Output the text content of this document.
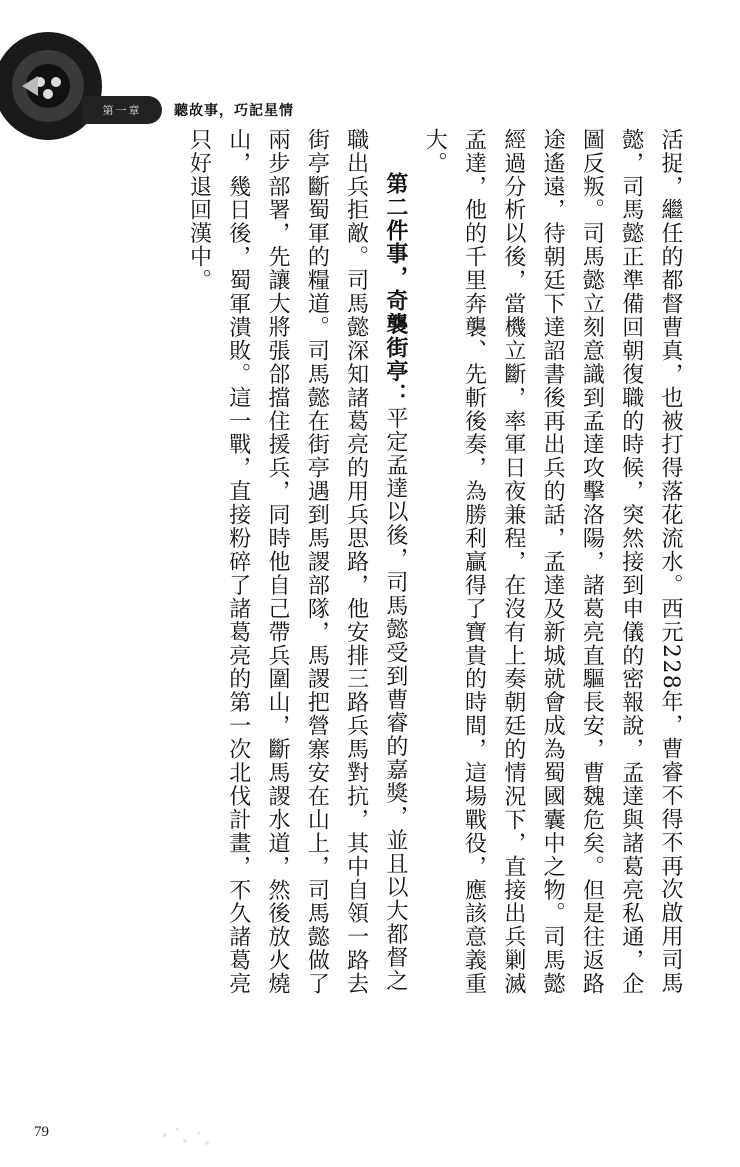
第一章 聽故事，巧記星情

活捉，繼任的都督曹真，也被打得落花流水。西元228年，曹睿不得不再次啟用司馬懿，司馬懿正準備回朝復職的時候，突然接到申儀的密報說，孟達與諸葛亮私通，企圖反叛。司馬懿立刻意識到孟達攻擊洛陽，諸葛亮直驅長安，曹魏危矣。但是往返路途遙遠，待朝廷下達詔書後再出兵的話，孟達及新城就會成為蜀國囊中之物。司馬懿經過分析以後，當機立斷，率軍日夜兼程，在沒有上奏朝廷的情況下，直接出兵剿滅孟達，他的千里奔襲、先斬後奏，為勝利贏得了寶貴的時間，這場戰役，應該意義重大。

第二件事，奇襲街亭：平定孟達以後，司馬懿受到曹睿的嘉獎，並且以大都督之職出兵拒敵。司馬懿深知諸葛亮的用兵思路，他安排三路兵馬對抗，其中自領一路去街亭斷蜀軍的糧道。司馬懿在街亭遇到馬謖部隊，馬謖把營寨安在山上，司馬懿做了兩步部署，先讓大將張郃擋住援兵，同時他自己帶兵圍山，斷馬謖水道，然後放火燒山，幾日後，蜀軍潰敗。這一戰，直接粉碎了諸葛亮的第一次北伐計畫，不久諸葛亮只好退回漢中。

79
